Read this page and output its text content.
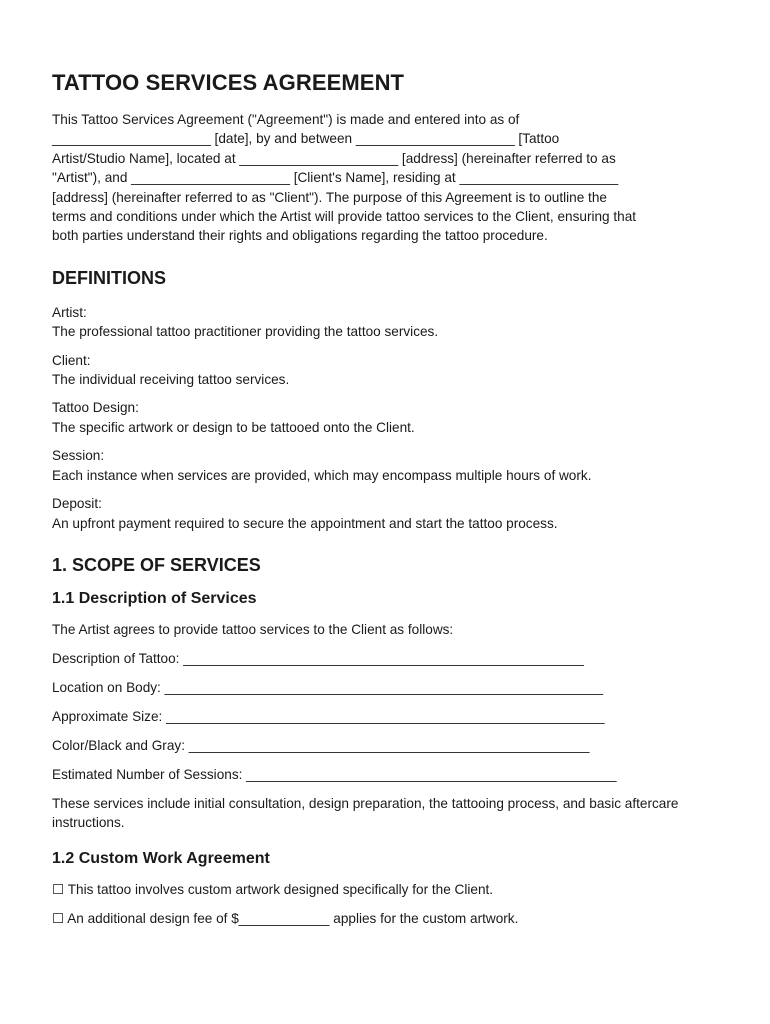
TATTOO SERVICES AGREEMENT

This Tattoo Services Agreement ("Agreement") is made and entered into as of
_____________________ [date], by and between _____________________ [Tattoo
Artist/Studio Name], located at _____________________ [address] (hereinafter referred to as
"Artist"), and _____________________ [Client's Name], residing at _____________________
[address] (hereinafter referred to as "Client"). The purpose of this Agreement is to outline the
terms and conditions under which the Artist will provide tattoo services to the Client, ensuring that
both parties understand their rights and obligations regarding the tattoo procedure.

DEFINITIONS

Artist:
The professional tattoo practitioner providing the tattoo services.

Client:
The individual receiving tattoo services.

Tattoo Design:
The specific artwork or design to be tattooed onto the Client.

Session:
Each instance when services are provided, which may encompass multiple hours of work.

Deposit:
An upfront payment required to secure the appointment and start the tattoo process.

1. SCOPE OF SERVICES
1.1 Description of Services

The Artist agrees to provide tattoo services to the Client as follows:

Description of Tattoo: _____________________________________________________

Location on Body: __________________________________________________________

Approximate Size: __________________________________________________________

Color/Black and Gray: _____________________________________________________

Estimated Number of Sessions: _________________________________________________

These services include initial consultation, design preparation, the tattooing process, and basic aftercare instructions.

1.2 Custom Work Agreement

☐ This tattoo involves custom artwork designed specifically for the Client.

☐ An additional design fee of $____________ applies for the custom artwork.
